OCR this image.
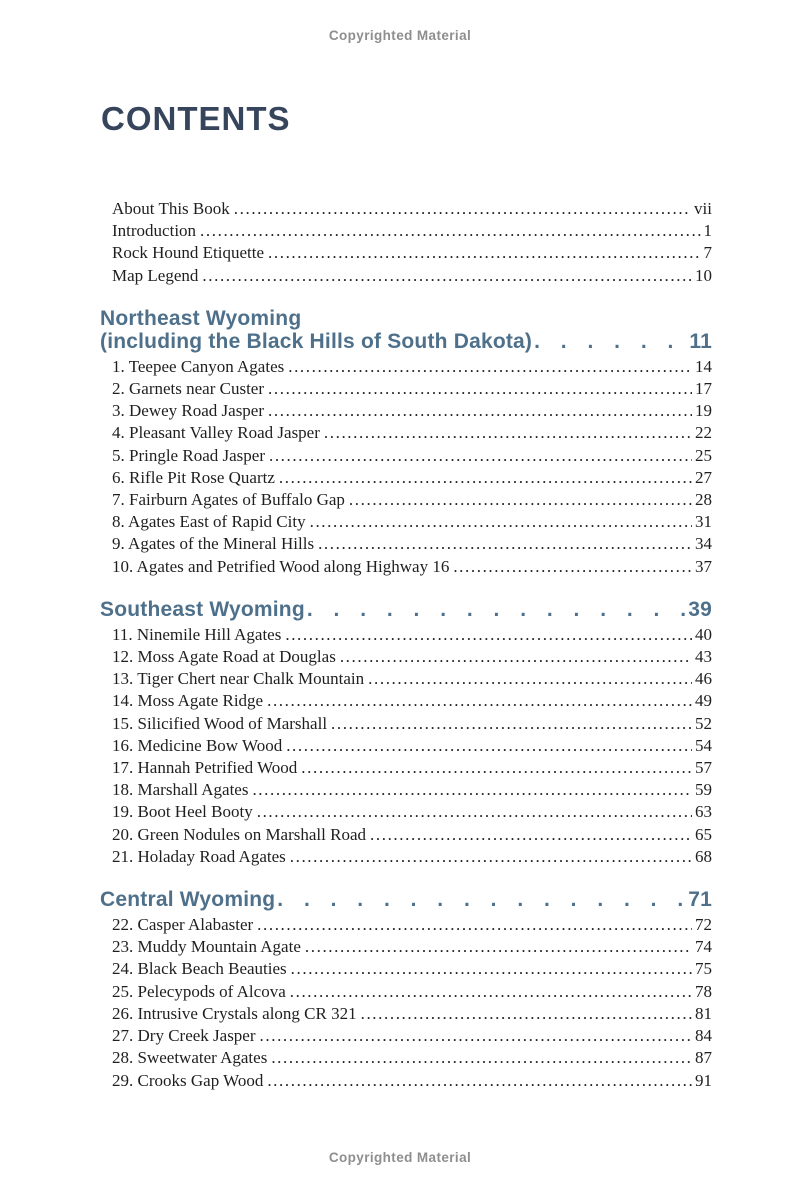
Copyrighted Material
CONTENTS
About This Book .....	vii
Introduction .....	1
Rock Hound Etiquette .....	7
Map Legend .....	10
Northeast Wyoming
(including the Black Hills of South Dakota) . . .	11
1. Teepee Canyon Agates .....	14
2. Garnets near Custer .....	17
3. Dewey Road Jasper .....	19
4. Pleasant Valley Road Jasper .....	22
5. Pringle Road Jasper .....	25
6. Rifle Pit Rose Quartz .....	27
7. Fairburn Agates of Buffalo Gap .....	28
8. Agates East of Rapid City .....	31
9. Agates of the Mineral Hills .....	34
10. Agates and Petrified Wood along Highway 16 .....	37
Southeast Wyoming . . .	39
11. Ninemile Hill Agates .....	40
12. Moss Agate Road at Douglas .....	43
13. Tiger Chert near Chalk Mountain .....	46
14. Moss Agate Ridge .....	49
15. Silicified Wood of Marshall .....	52
16. Medicine Bow Wood .....	54
17. Hannah Petrified Wood .....	57
18. Marshall Agates .....	59
19. Boot Heel Booty .....	63
20. Green Nodules on Marshall Road .....	65
21. Holaday Road Agates .....	68
Central Wyoming . . .	71
22. Casper Alabaster .....	72
23. Muddy Mountain Agate .....	74
24. Black Beach Beauties .....	75
25. Pelecypods of Alcova .....	78
26. Intrusive Crystals along CR 321 .....	81
27. Dry Creek Jasper .....	84
28. Sweetwater Agates .....	87
29. Crooks Gap Wood .....	91
Copyrighted Material
